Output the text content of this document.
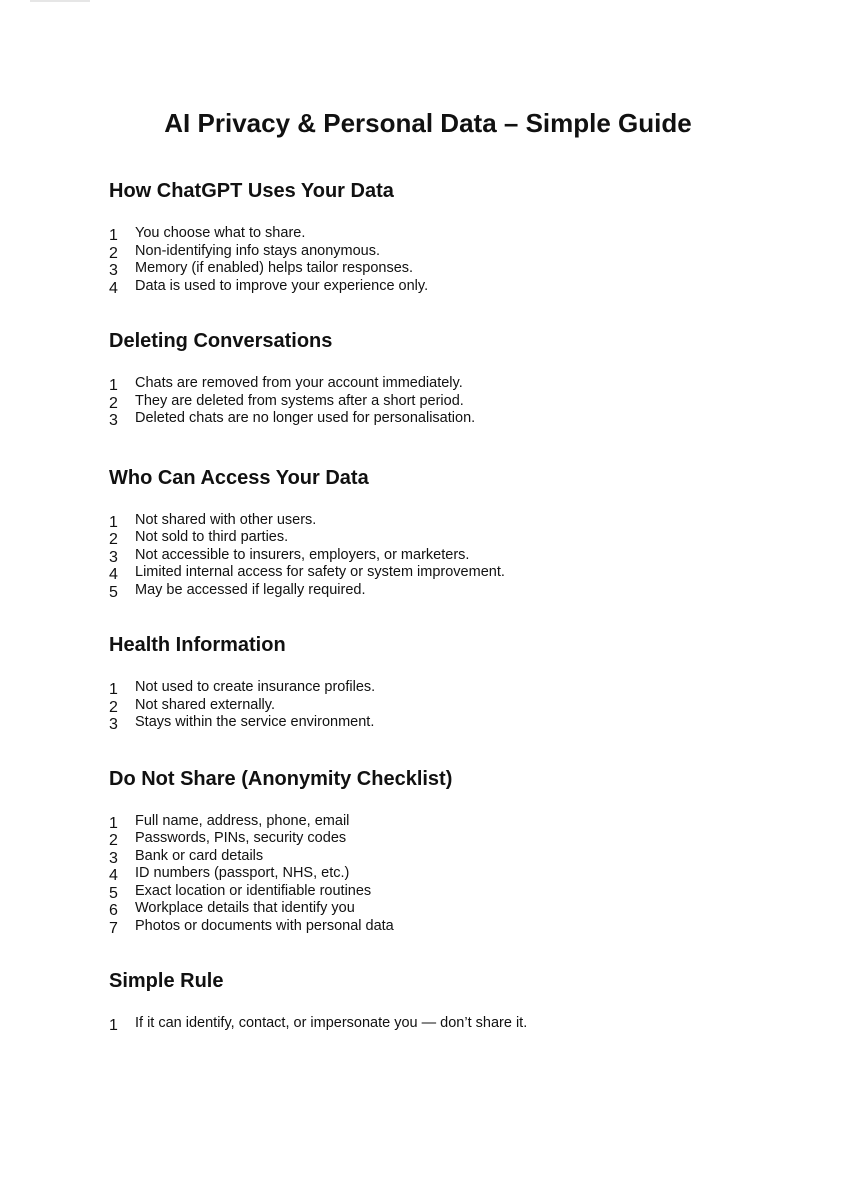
AI Privacy & Personal Data – Simple Guide
How ChatGPT Uses Your Data
1	You choose what to share.
2	Non-identifying info stays anonymous.
3	Memory (if enabled) helps tailor responses.
4	Data is used to improve your experience only.
Deleting Conversations
1	Chats are removed from your account immediately.
2	They are deleted from systems after a short period.
3	Deleted chats are no longer used for personalisation.
Who Can Access Your Data
1	Not shared with other users.
2	Not sold to third parties.
3	Not accessible to insurers, employers, or marketers.
4	Limited internal access for safety or system improvement.
5	May be accessed if legally required.
Health Information
1	Not used to create insurance profiles.
2	Not shared externally.
3	Stays within the service environment.
Do Not Share (Anonymity Checklist)
1	Full name, address, phone, email
2	Passwords, PINs, security codes
3	Bank or card details
4	ID numbers (passport, NHS, etc.)
5	Exact location or identifiable routines
6	Workplace details that identify you
7	Photos or documents with personal data
Simple Rule
1	If it can identify, contact, or impersonate you — don’t share it.
